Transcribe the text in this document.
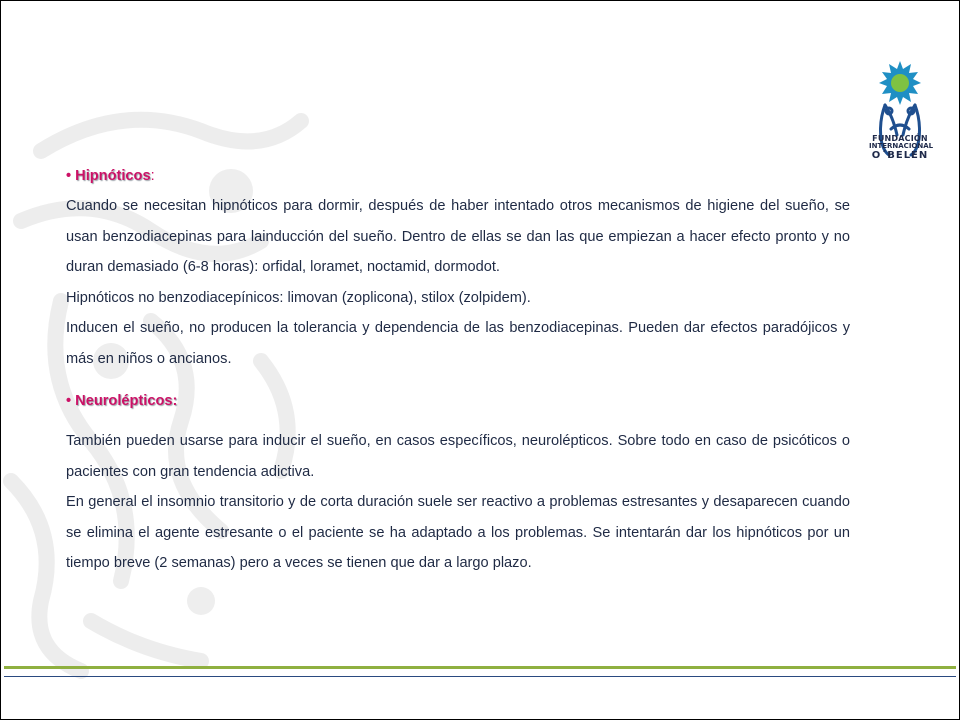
FUNDACIÓN
INTERNACIONAL
O´BELEN

• Hipnóticos:

Cuando se necesitan hipnóticos para dormir, después de haber intentado otros mecanismos de higiene del sueño, se usan benzodiacepinas para lainducción del sueño. Dentro de ellas se dan las que empiezan a hacer efecto pronto y no duran demasiado (6-8 horas): orfidal, loramet, noctamid, dormodot.

Hipnóticos no benzodiacepínicos: limovan (zoplicona), stilox (zolpidem).

Inducen el sueño, no producen la tolerancia y dependencia de las benzodiacepinas. Pueden dar efectos paradójicos y más en niños o ancianos.

• Neurolépticos:

También pueden usarse para inducir el sueño, en casos específicos, neurolépticos. Sobre todo en caso de psicóticos o pacientes con gran tendencia adictiva.

En general el insomnio transitorio y de corta duración suele ser reactivo a problemas estresantes y desaparecen cuando se elimina el agente estresante o el paciente se ha adaptado a los problemas. Se intentarán dar los hipnóticos por un tiempo breve (2 semanas) pero a veces se tienen que dar a largo plazo.
